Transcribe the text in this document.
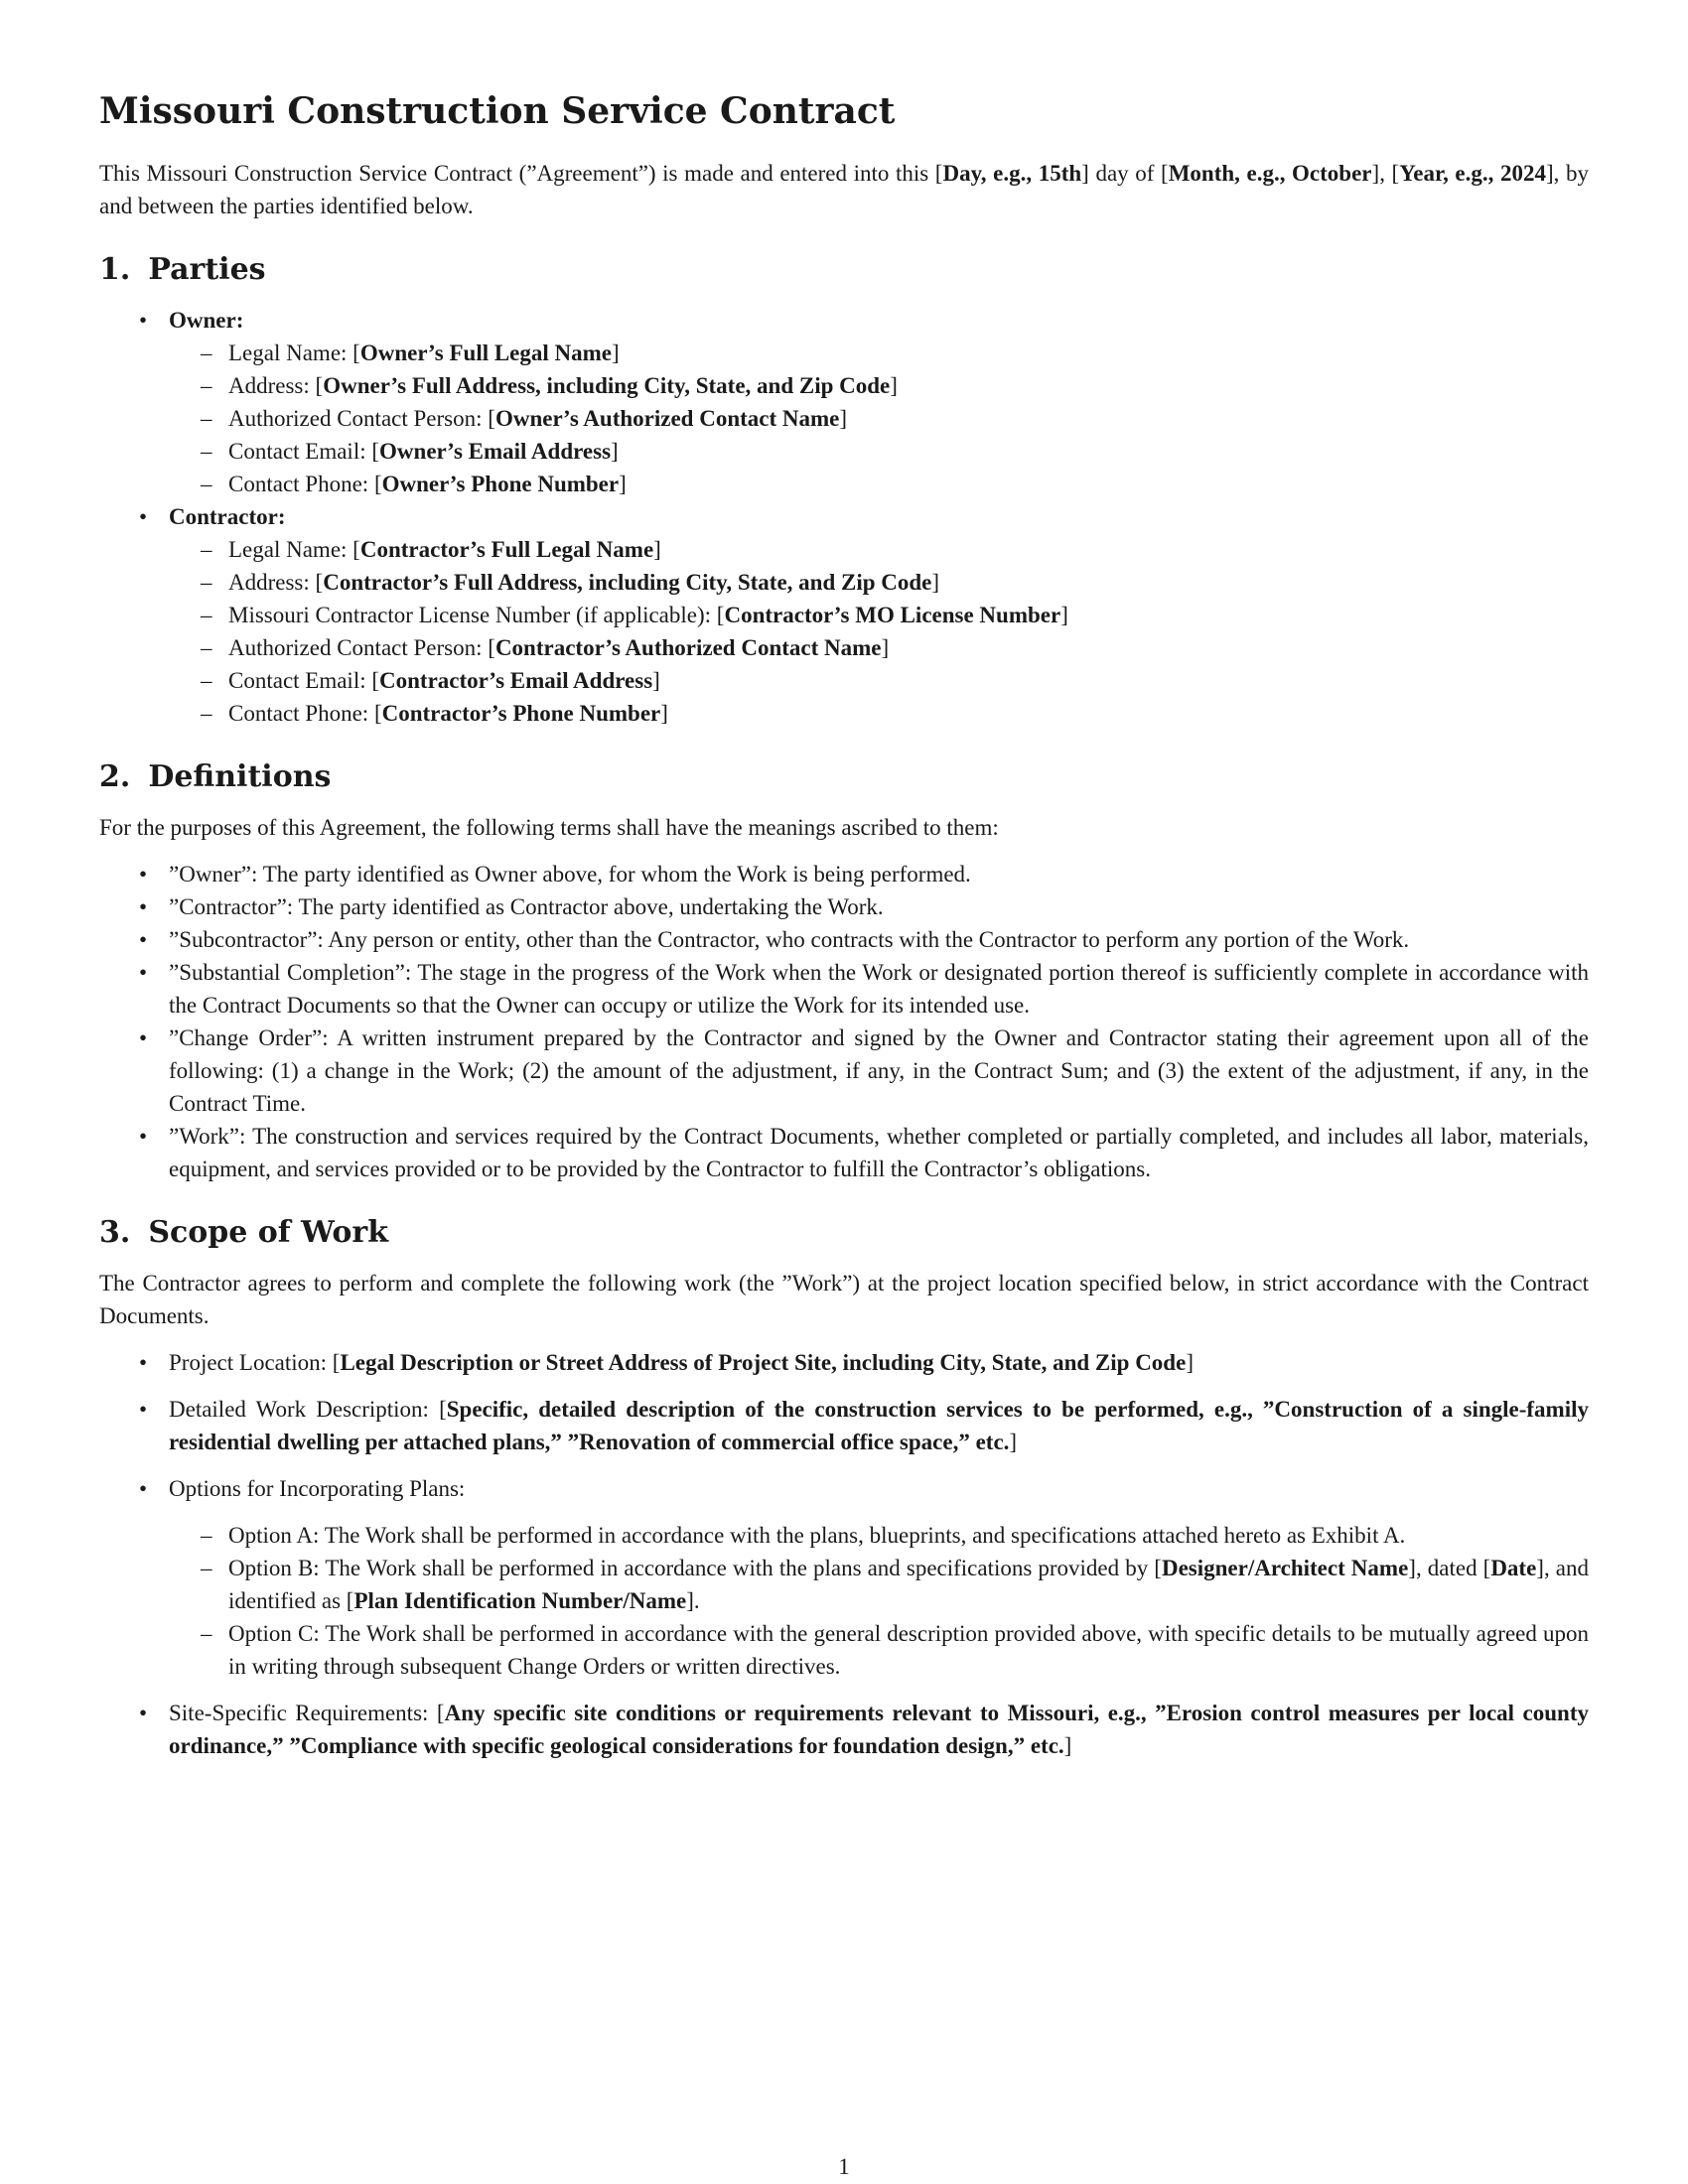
Missouri Construction Service Contract

This Missouri Construction Service Contract (”Agreement”) is made and entered into this [Day, e.g., 15th] day of [Month, e.g., October], [Year, e.g., 2024], by and between the parties identified below.

1. Parties
• Owner:
– Legal Name: [Owner’s Full Legal Name]
– Address: [Owner’s Full Address, including City, State, and Zip Code]
– Authorized Contact Person: [Owner’s Authorized Contact Name]
– Contact Email: [Owner’s Email Address]
– Contact Phone: [Owner’s Phone Number]
• Contractor:
– Legal Name: [Contractor’s Full Legal Name]
– Address: [Contractor’s Full Address, including City, State, and Zip Code]
– Missouri Contractor License Number (if applicable): [Contractor’s MO License Number]
– Authorized Contact Person: [Contractor’s Authorized Contact Name]
– Contact Email: [Contractor’s Email Address]
– Contact Phone: [Contractor’s Phone Number]
2. Definitions

For the purposes of this Agreement, the following terms shall have the meanings ascribed to them:

• ”Owner”: The party identified as Owner above, for whom the Work is being performed.
• ”Contractor”: The party identified as Contractor above, undertaking the Work.
• ”Subcontractor”: Any person or entity, other than the Contractor, who contracts with the Contractor to perform any portion of the Work.
• ”Substantial Completion”: The stage in the progress of the Work when the Work or designated portion thereof is sufficiently complete in accordance with the Contract Documents so that the Owner can occupy or utilize the Work for its intended use.
• ”Change Order”: A written instrument prepared by the Contractor and signed by the Owner and Contractor stating their agreement upon all of the following: (1) a change in the Work; (2) the amount of the adjustment, if any, in the Contract Sum; and (3) the extent of the adjustment, if any, in the Contract Time.
• ”Work”: The construction and services required by the Contract Documents, whether completed or partially completed, and includes all labor, materials, equipment, and services provided or to be provided by the Contractor to fulfill the Contractor’s obligations.
3. Scope of Work

The Contractor agrees to perform and complete the following work (the ”Work”) at the project location specified below, in strict accordance with the Contract Documents.

• Project Location: [Legal Description or Street Address of Project Site, including City, State, and Zip Code]
• Detailed Work Description: [Specific, detailed description of the construction services to be performed, e.g., ”Construction of a single-family residential dwelling per attached plans,” ”Renovation of commercial office space,” etc.]
• Options for Incorporating Plans:
– Option A: The Work shall be performed in accordance with the plans, blueprints, and specifications attached hereto as Exhibit A.
– Option B: The Work shall be performed in accordance with the plans and specifications provided by [Designer/Architect Name], dated [Date], and identified as [Plan Identification Number/Name].
– Option C: The Work shall be performed in accordance with the general description provided above, with specific details to be mutually agreed upon in writing through subsequent Change Orders or written directives.
• Site-Specific Requirements: [Any specific site conditions or requirements relevant to Missouri, e.g., ”Erosion control measures per local county ordinance,” ”Compliance with specific geological considerations for foundation design,” etc.]
1
